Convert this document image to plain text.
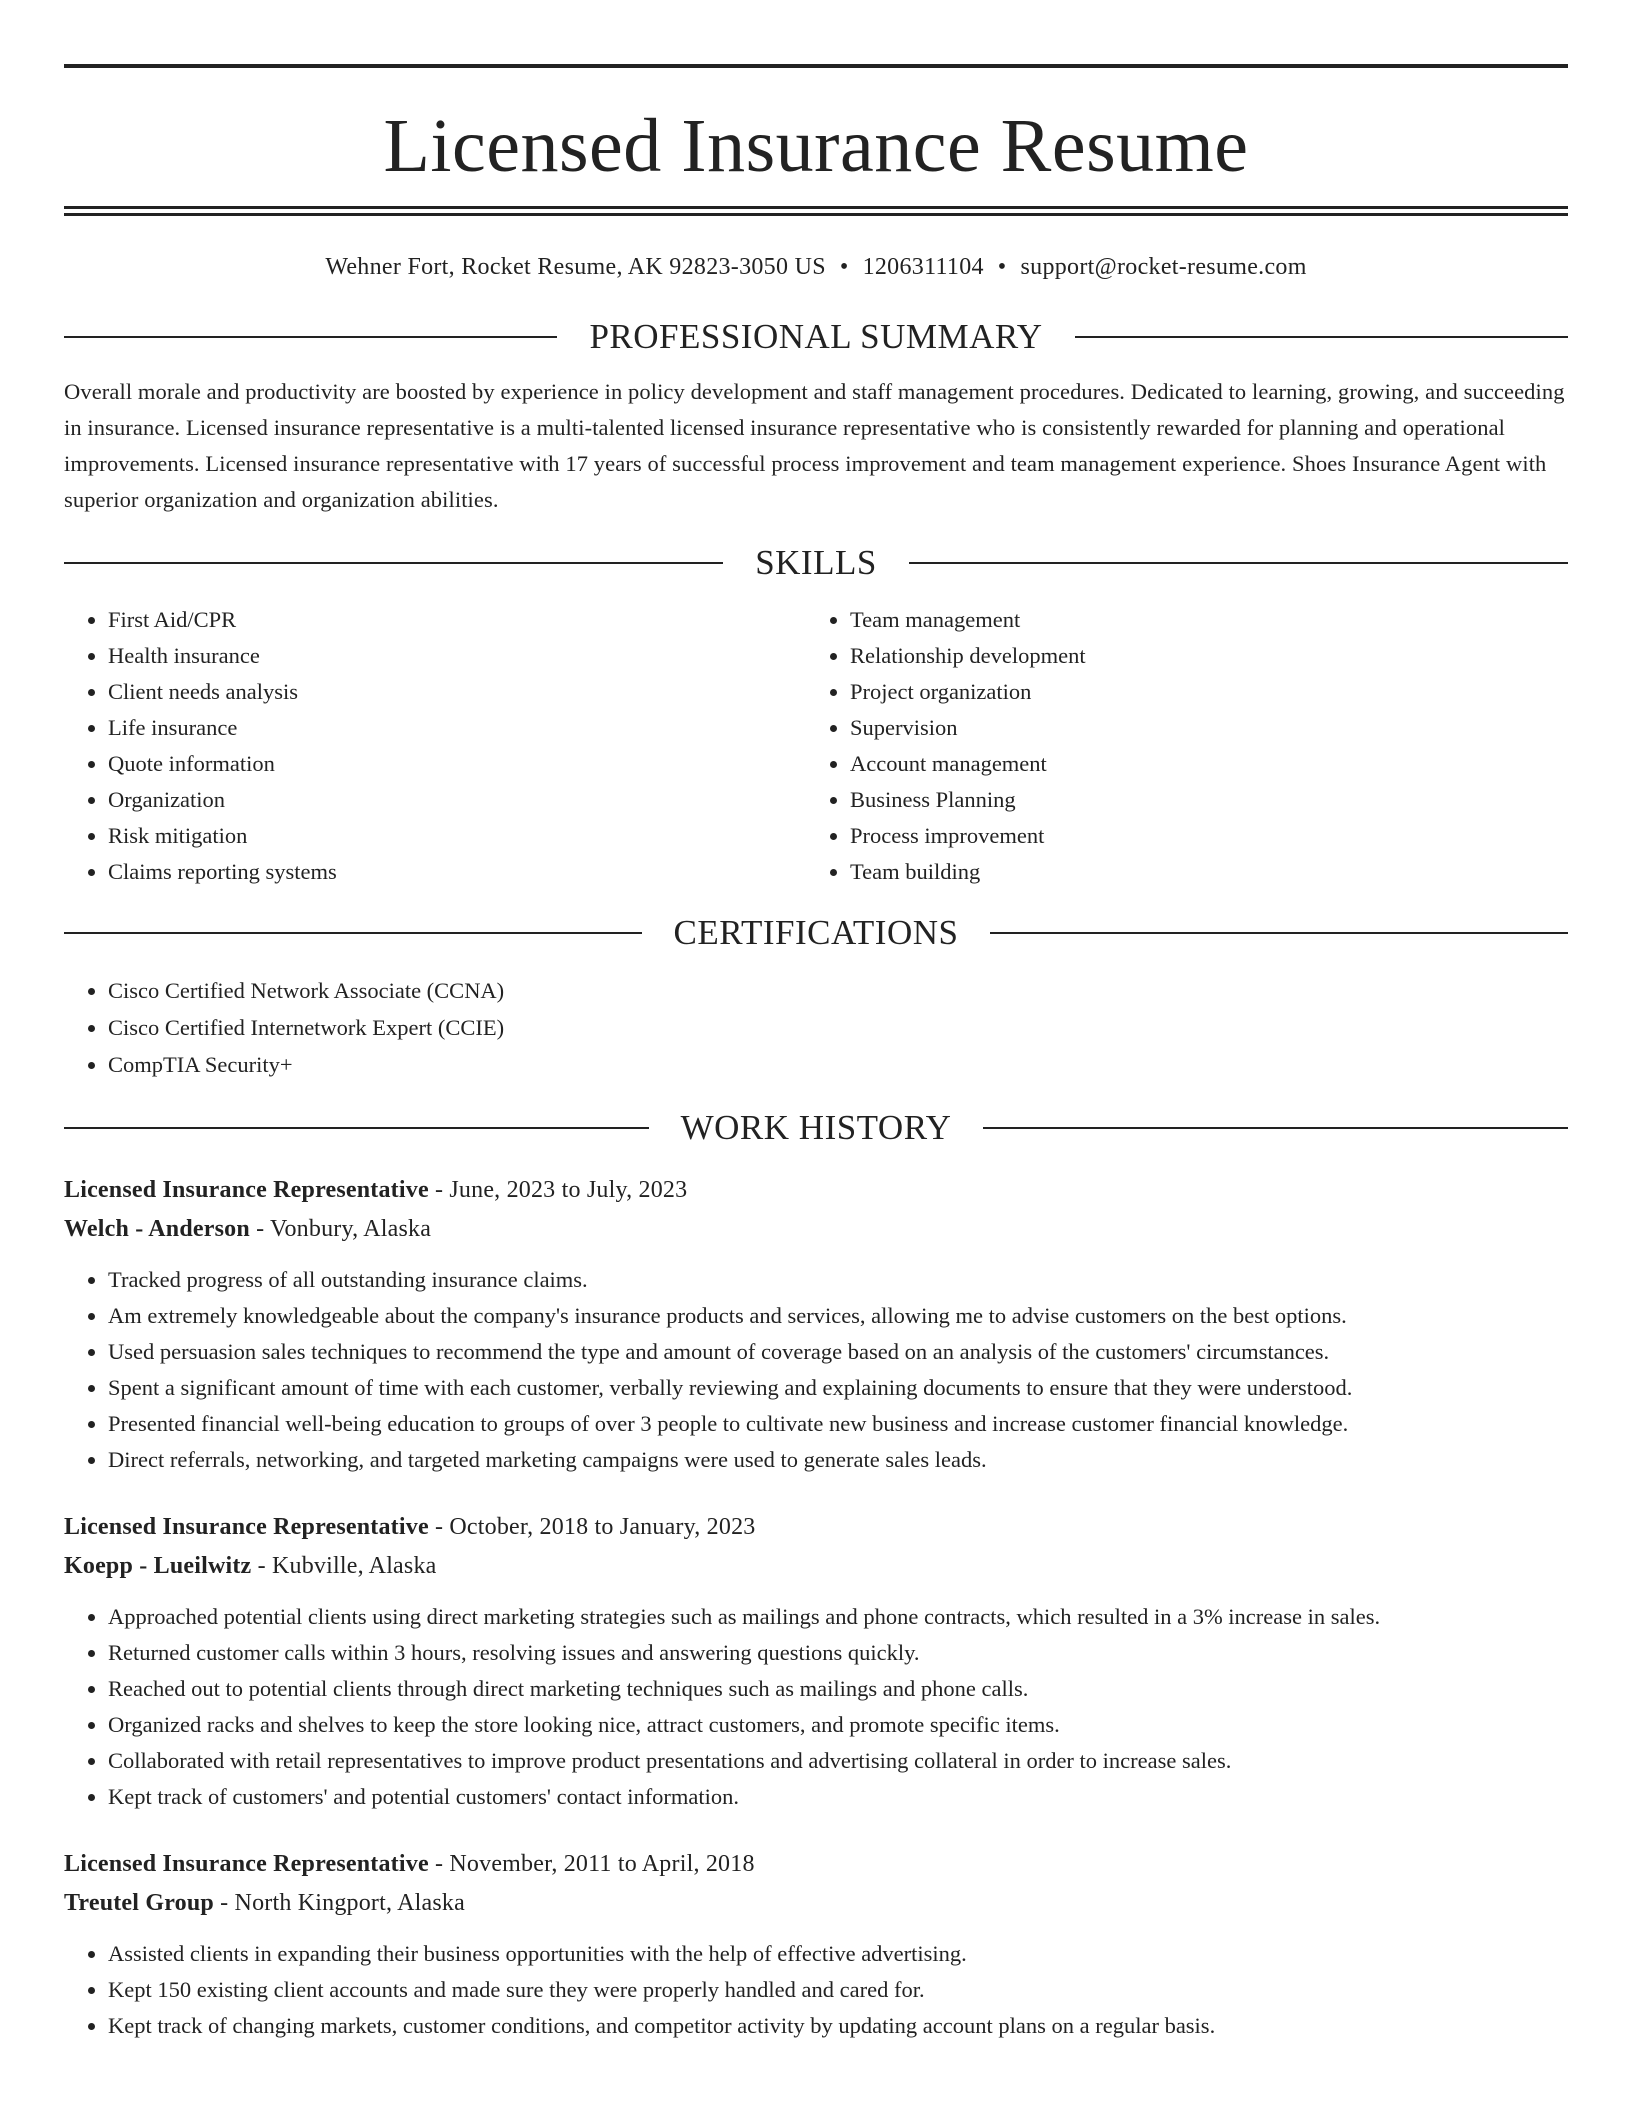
Licensed Insurance Resume
Wehner Fort, Rocket Resume, AK 92823-3050 US • 1206311104 • support@rocket-resume.com
PROFESSIONAL SUMMARY

Overall morale and productivity are boosted by experience in policy development and staff management procedures. Dedicated to learning, growing, and succeeding in insurance. Licensed insurance representative is a multi-talented licensed insurance representative who is consistently rewarded for planning and operational improvements. Licensed insurance representative with 17 years of successful process improvement and team management experience. Shoes Insurance Agent with superior organization and organization abilities.

SKILLS
• First Aid/CPR
• Health insurance
• Client needs analysis
• Life insurance
• Quote information
• Organization
• Risk mitigation
• Claims reporting systems
• Team management
• Relationship development
• Project organization
• Supervision
• Account management
• Business Planning
• Process improvement
• Team building
CERTIFICATIONS
• Cisco Certified Network Associate (CCNA)
• Cisco Certified Internetwork Expert (CCIE)
• CompTIA Security+
WORK HISTORY
Licensed Insurance Representative - June, 2023 to July, 2023
Welch - Anderson - Vonbury, Alaska
• Tracked progress of all outstanding insurance claims.
• Am extremely knowledgeable about the company's insurance products and services, allowing me to advise customers on the best options.
• Used persuasion sales techniques to recommend the type and amount of coverage based on an analysis of the customers' circumstances.
• Spent a significant amount of time with each customer, verbally reviewing and explaining documents to ensure that they were understood.
• Presented financial well-being education to groups of over 3 people to cultivate new business and increase customer financial knowledge.
• Direct referrals, networking, and targeted marketing campaigns were used to generate sales leads.
Licensed Insurance Representative - October, 2018 to January, 2023
Koepp - Lueilwitz - Kubville, Alaska
• Approached potential clients using direct marketing strategies such as mailings and phone contracts, which resulted in a 3% increase in sales.
• Returned customer calls within 3 hours, resolving issues and answering questions quickly.
• Reached out to potential clients through direct marketing techniques such as mailings and phone calls.
• Organized racks and shelves to keep the store looking nice, attract customers, and promote specific items.
• Collaborated with retail representatives to improve product presentations and advertising collateral in order to increase sales.
• Kept track of customers' and potential customers' contact information.
Licensed Insurance Representative - November, 2011 to April, 2018
Treutel Group - North Kingport, Alaska
• Assisted clients in expanding their business opportunities with the help of effective advertising.
• Kept 150 existing client accounts and made sure they were properly handled and cared for.
• Kept track of changing markets, customer conditions, and competitor activity by updating account plans on a regular basis.
